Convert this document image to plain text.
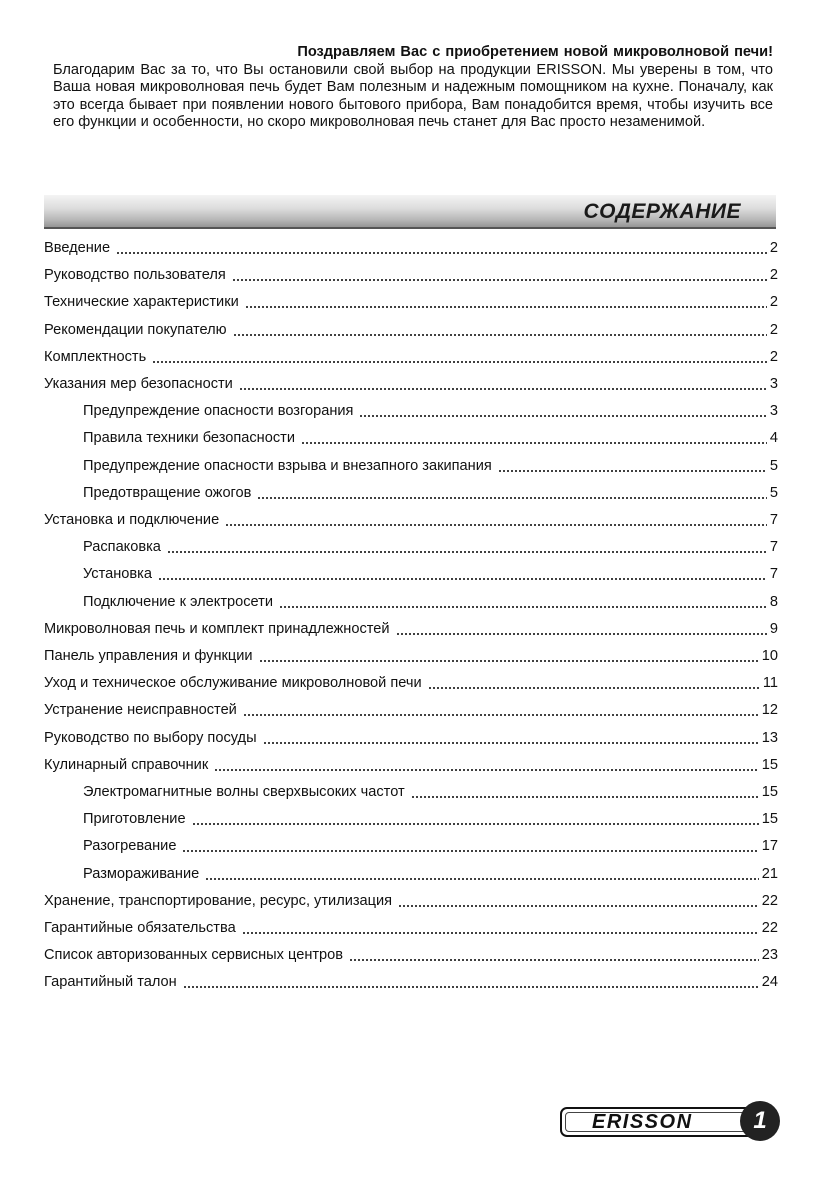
Поздравляем Вас с приобретением новой микроволновой печи!
Благодарим Вас за то, что Вы остановили свой выбор на продукции ERISSON. Мы уверены в том, что Ваша новая микроволновая печь будет Вам полезным и надежным помощником на кухне. Поначалу, как это всегда бывает при появлении нового бытового прибора, Вам понадобится время, чтобы изучить все его функции и особенности, но скоро микроволновая печь станет для Вас просто незаменимой.
СОДЕРЖАНИЕ
Введение	2
Руководство пользователя	2
Технические характеристики	2
Рекомендации покупателю	2
Комплектность	2
Указания мер безопасности	3
Предупреждение опасности возгорания	3
Правила техники безопасности	4
Предупреждение опасности взрыва и внезапного закипания	5
Предотвращение ожогов	5
Установка и подключение	7
Распаковка	7
Установка	7
Подключение к электросети	8
Микроволновая печь и комплект принадлежностей	9
Панель управления и функции	10
Уход и техническое обслуживание микроволновой печи	11
Устранение неисправностей	12
Руководство по выбору посуды	13
Кулинарный справочник	15
Электромагнитные волны сверхвысоких частот	15
Приготовление	15
Разогревание	17
Размораживание	21
Хранение, транспортирование, ресурс, утилизация	22
Гарантийные обязательства	22
Список авторизованных сервисных центров	23
Гарантийный талон	24
ERISSON	1
